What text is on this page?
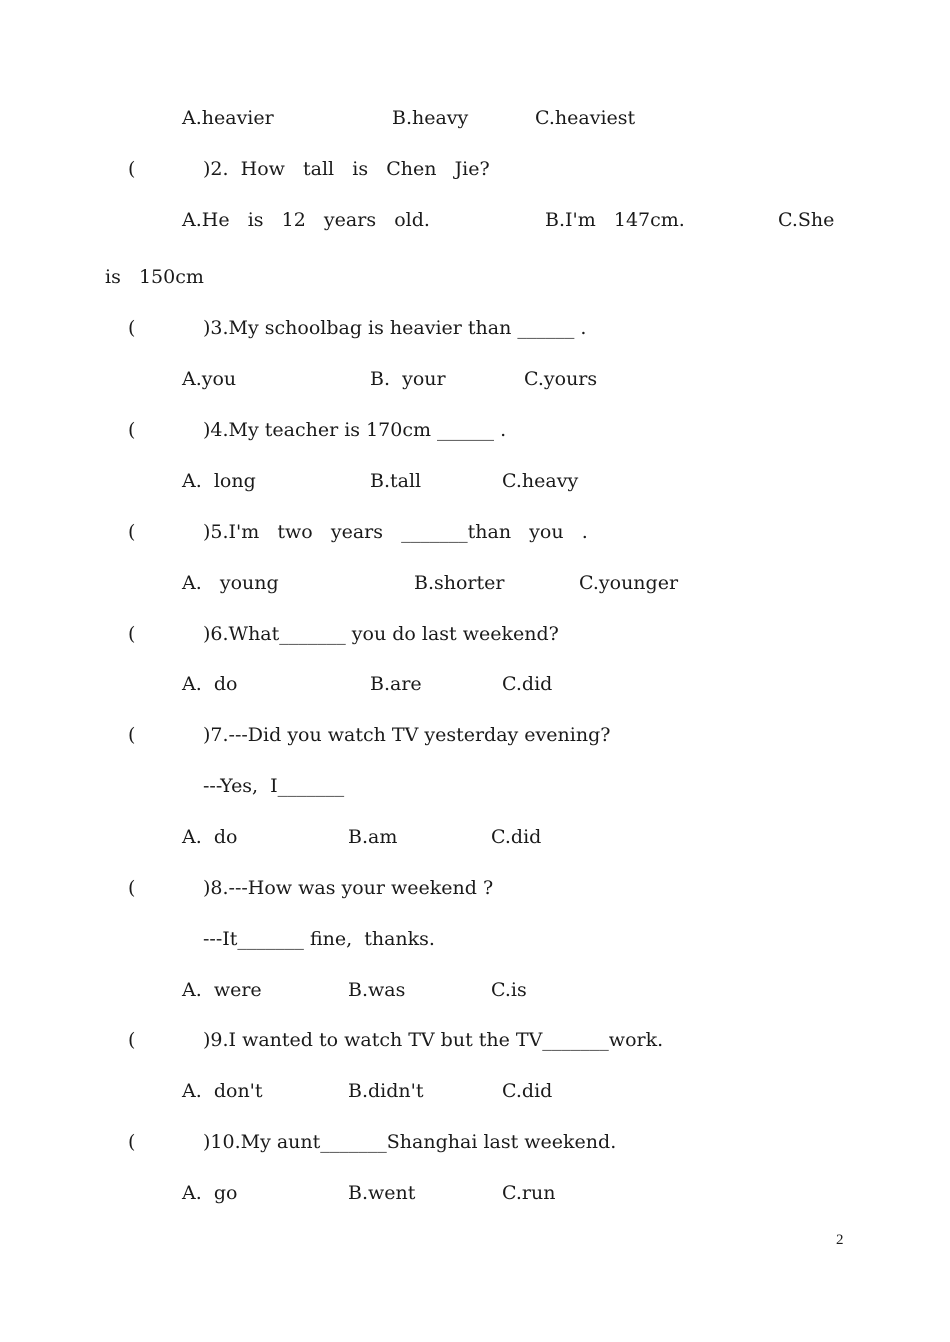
A.heavier

	B.heavy

	C.heaviest

(

	)2.  How   tall   is   Chen   Jie?

A.He   is   12   years   old.

	B.I'm   147cm.

	C.She

is   150cm

(

	)3.My schoolbag is heavier than ______ .

A.you

	B.  your

	C.yours

(

	)4.My teacher is 170cm ______ .

A.  long

	B.tall

	C.heavy

(

	)5.I'm   two   years   _______than   you   .

A.   young

	B.shorter

	C.younger

(

	)6.What_______ you do last weekend?

A.  do

	B.are

	C.did

(

	)7.---Did you watch TV yesterday evening?

---Yes,  I_______

A.  do

	B.am

	C.did

(

	)8.---How was your weekend ?

---It_______ fine,  thanks.

A.  were

	B.was

	C.is

(

	)9.I wanted to watch TV but the TV_______work.

A.  don't

	B.didn't

	C.did

(

	)10.My aunt_______Shanghai last weekend.

A.  go

	B.went

	C.run

2
